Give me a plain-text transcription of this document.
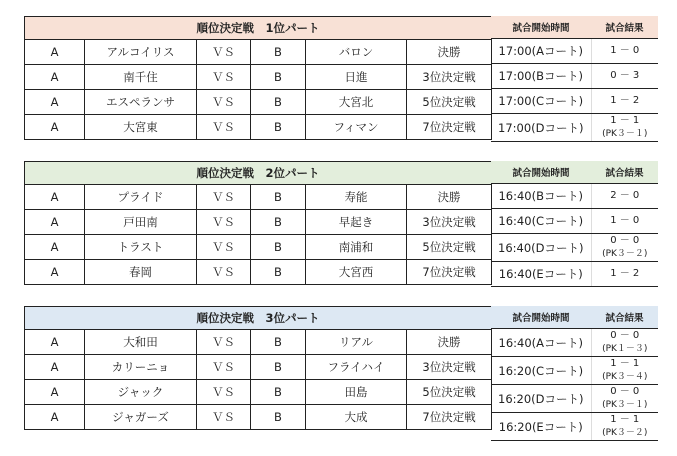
順位決定戦　1位パート					
A	アルコイリス	ＶＳ	B	バロン	決勝
A	南千住	ＶＳ	B	日進	3位決定戦
A	エスペランサ	ＶＳ	B	大宮北	5位決定戦
A	大宮東	ＶＳ	B	フィマン	7位決定戦
試合開始時間	試合結果
17:00(Aコート)	1 － 0
17:00(Bコート)	0 － 3
17:00(Cコート)	1 － 2
17:00(Dコート)	1 － 1
(PK３－１)
順位決定戦　2位パート					
A	プライド	ＶＳ	B	寿能	決勝
A	戸田南	ＶＳ	B	早起き	3位決定戦
A	トラスト	ＶＳ	B	南浦和	5位決定戦
A	春岡	ＶＳ	B	大宮西	7位決定戦
試合開始時間	試合結果
16:40(Bコート)	2 － 0
16:40(Cコート)	1 － 0
16:40(Dコート)	0 － 0
(PK３－２)

16:40(Eコート)	1 － 2
順位決定戦　3位パート					
A	大和田	ＶＳ	B	リアル	決勝
A	カリーニョ	ＶＳ	B	フライハイ	3位決定戦
A	ジャック	ＶＳ	B	田島	5位決定戦
A	ジャガーズ	ＶＳ	B	大成	7位決定戦
試合開始時間	試合結果
16:40(Aコート)	0 － 0
(PK１－３)

16:20(Cコート)	1 － 1
(PK３－４)

16:20(Dコート)	0 － 0
(PK３－１)

16:20(Eコート)	1 － 1
(PK３－２)
